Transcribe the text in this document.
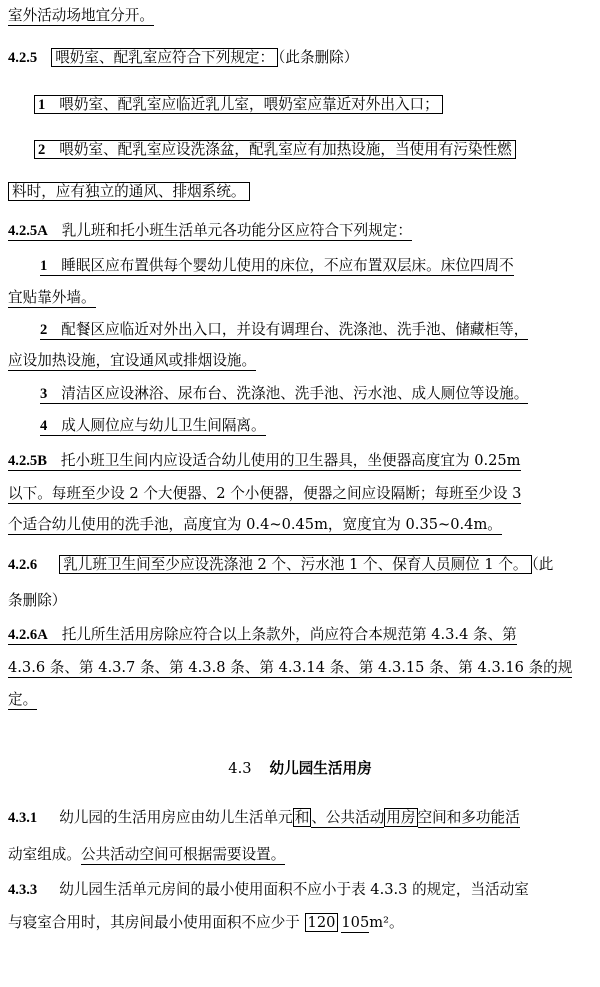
室外活动场地宜分开。
4.2.5 喂奶室、配乳室应符合下列规定： （此条删除）
1 喂奶室、配乳室应临近乳儿室，喂奶室应靠近对外出入口；
2 喂奶室、配乳室应设洗涤盆，配乳室应有加热设施，当使用有污染性燃
料时，应有独立的通风、排烟系统。
4.2.5A 乳儿班和托小班生活单元各功能分区应符合下列规定：
1 睡眠区应布置供每个婴幼儿使用的床位，不应布置双层床。床位四周不
宜贴靠外墙。
2 配餐区应临近对外出入口，并设有调理台、洗涤池、洗手池、储藏柜等，
应设加热设施，宜设通风或排烟设施。
3 清洁区应设淋浴、尿布台、洗涤池、洗手池、污水池、成人厕位等设施。
4 成人厕位应与幼儿卫生间隔离。
4.2.5B 托小班卫生间内应设适合幼儿使用的卫生器具，坐便器高度宜为 0.25m
以下。每班至少设 2 个大便器、2 个小便器，便器之间应设隔断；每班至少设 3
个适合幼儿使用的洗手池，高度宜为 0.4~0.45m，宽度宜为 0.35~0.4m。
4.2.6 乳儿班卫生间至少应设洗涤池 2 个、污水池 1 个、保育人员厕位 1 个。 （此
条删除）
4.2.6A 托儿所生活用房除应符合以上条款外，尚应符合本规范第 4.3.4 条、第
4.3.6 条、第 4.3.7 条、第 4.3.8 条、第 4.3.14 条、第 4.3.15 条、第 4.3.16 条的规
定。
4.3 幼儿园生活用房
4.3.1 幼儿园的生活用房应由幼儿生活单元 和 、公共活动 用房 空间和多功能活
动室组成。公共活动空间可根据需要设置。
4.3.3 幼儿园生活单元房间的最小使用面积不应小于表 4.3.3 的规定，当活动室
与寝室合用时，其房间最小使用面积不应少于 120 105m²。
